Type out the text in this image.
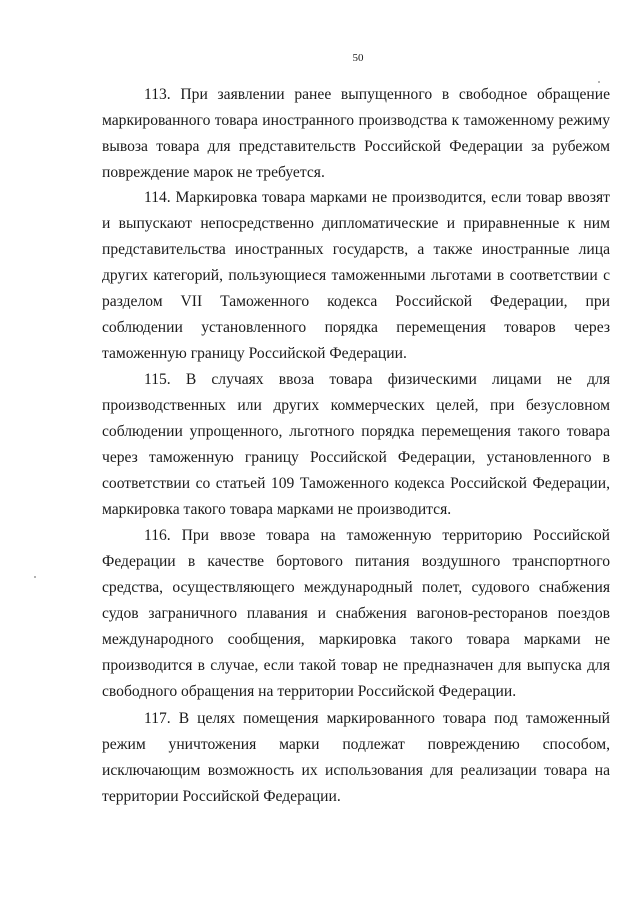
50

113. При заявлении ранее выпущенного в свободное обращение маркированного товара иностранного производства к таможенному режиму вывоза товара для представительств Российской Федерации за рубежом повреждение марок не требуется.

114. Маркировка товара марками не производится, если товар ввозят и выпускают непосредственно дипломатические и приравненные к ним представительства иностранных государств, а также иностранные лица других категорий, пользующиеся таможенными льготами в соответствии с разделом VII Таможенного кодекса Российской Федерации, при соблюдении установленного порядка перемещения товаров через таможенную границу Российской Федерации.

115. В случаях ввоза товара физическими лицами не для производственных или других коммерческих целей, при безусловном соблюдении упрощенного, льготного порядка перемещения такого товара через таможенную границу Российской Федерации, установленного в соответствии со статьей 109 Таможенного кодекса Российской Федерации, маркировка такого товара марками не производится.

116. При ввозе товара на таможенную территорию Российской Федерации в качестве бортового питания воздушного транспортного средства, осуществляющего международный полет, судового снабжения судов заграничного плавания и снабжения вагонов-ресторанов поездов международного сообщения, маркировка такого товара марками не производится в случае, если такой товар не предназначен для выпуска для свободного обращения на территории Российской Федерации.

117. В целях помещения маркированного товара под таможенный режим уничтожения марки подлежат повреждению способом, исключающим возможность их использования для реализации товара на территории Российской Федерации.
